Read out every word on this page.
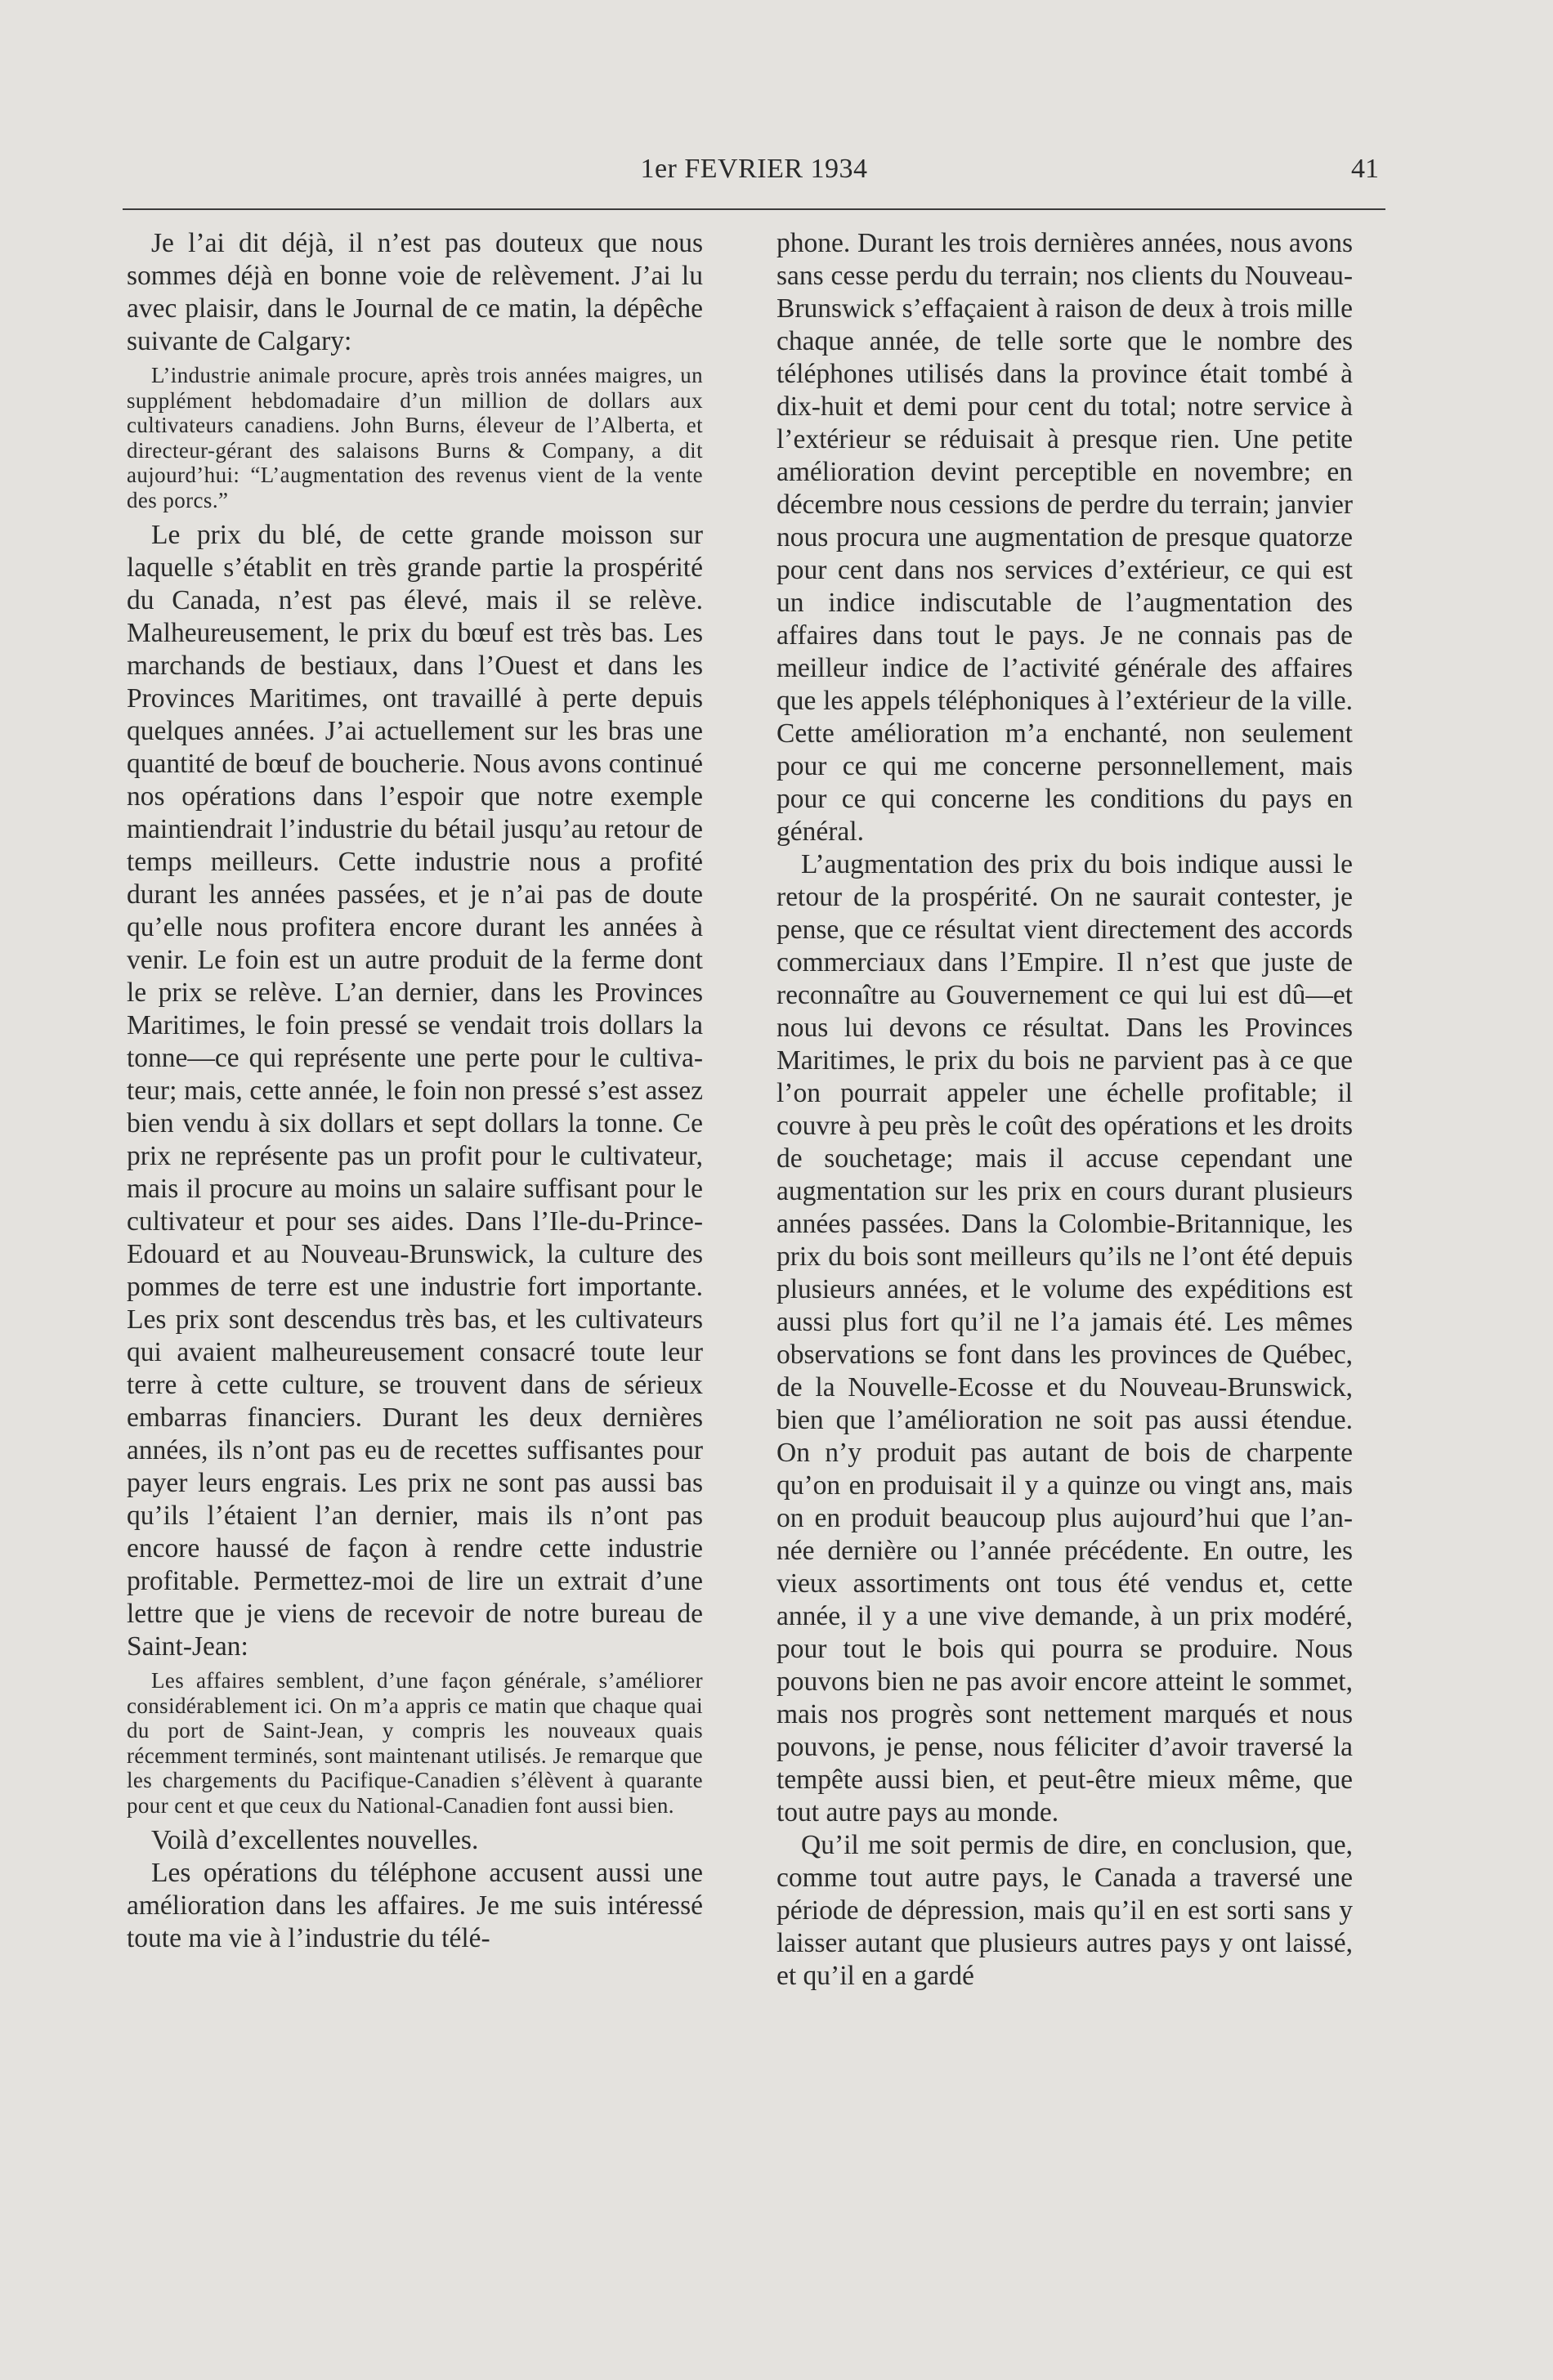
1er FEVRIER 1934	41

Je l’ai dit déjà, il n’est pas douteux que nous sommes déjà en bonne voie de relèvement. J’ai lu avec plaisir, dans le Journal de ce matin, la dépêche suivante de Calgary:

L’industrie animale procure, après trois années maigres, un supplément hebdomadaire d’un million de dollars aux cultivateurs canadiens. John Burns, éleveur de l’Alberta, et directeur-gérant des salaisons Burns & Company, a dit aujourd’hui: “L’augmentation des revenus vient de la vente des porcs.”

Le prix du blé, de cette grande moisson sur laquelle s’établit en très grande partie la prospérité du Canada, n’est pas élevé, mais il se relève. Malheureusement, le prix du bœuf est très bas. Les marchands de bestiaux, dans l’Ouest et dans les Provinces Maritimes, ont travaillé à perte depuis quelques années. J’ai actuellement sur les bras une quantité de bœuf de boucherie. Nous avons continué nos opérations dans l’espoir que notre exemple maintiendrait l’industrie du bétail jusqu’au retour de temps meilleurs. Cette industrie nous a profité durant les années passées, et je n’ai pas de doute qu’elle nous profitera encore durant les années à venir. Le foin est un autre produit de la ferme dont le prix se relève. L’an dernier, dans les Provinces Maritimes, le foin pressé se vendait trois dollars la tonne—ce qui représente une perte pour le cultivateur; mais, cette année, le foin non pressé s’est assez bien vendu à six dollars et sept dollars la tonne. Ce prix ne représente pas un profit pour le cultivateur, mais il procure au moins un salaire suffisant pour le cultivateur et pour ses aides. Dans l’Ile-du-Prince-Edouard et au Nouveau-Brunswick, la culture des pommes de terre est une industrie fort importante. Les prix sont descendus très bas, et les cultivateurs qui avaient malheureusement consacré toute leur terre à cette culture, se trouvent dans de sérieux embarras financiers. Durant les deux dernières années, ils n’ont pas eu de recettes suffisantes pour payer leurs engrais. Les prix ne sont pas aussi bas qu’ils l’étaient l’an dernier, mais ils n’ont pas encore haussé de façon à rendre cette industrie profitable. Permettez-moi de lire un extrait d’une lettre que je viens de recevoir de notre bureau de Saint-Jean:

Les affaires semblent, d’une façon générale, s’améliorer considérablement ici. On m’a appris ce matin que chaque quai du port de Saint-Jean, y compris les nouveaux quais récemment terminés, sont maintenant utilisés. Je remarque que les chargements du Pacifique-Canadien s’élèvent à quarante pour cent et que ceux du National-Canadien font aussi bien.

Voilà d’excellentes nouvelles.

Les opérations du téléphone accusent aussi une amélioration dans les affaires. Je me suis intéressé toute ma vie à l’industrie du télé-

phone. Durant les trois dernières années, nous avons sans cesse perdu du terrain; nos clients du Nouveau-Brunswick s’effaçaient à raison de deux à trois mille chaque année, de telle sorte que le nombre des téléphones utilisés dans la province était tombé à dix-huit et demi pour cent du total; notre service à l’extérieur se réduisait à presque rien. Une petite amélioration devint perceptible en novembre; en décembre nous cessions de perdre du terrain; janvier nous procura une augmentation de presque quatorze pour cent dans nos services d’extérieur, ce qui est un indice indiscutable de l’augmentation des affaires dans tout le pays. Je ne connais pas de meilleur indice de l’activité générale des affaires que les appels téléphoniques à l’extérieur de la ville. Cette amélioration m’a enchanté, non seulement pour ce qui me concerne personnellement, mais pour ce qui concerne les conditions du pays en général.

L’augmentation des prix du bois indique aussi le retour de la prospérité. On ne saurait contester, je pense, que ce résultat vient directement des accords commerciaux dans l’Empire. Il n’est que juste de reconnaître au Gouvernement ce qui lui est dû—et nous lui devons ce résultat. Dans les Provinces Maritimes, le prix du bois ne parvient pas à ce que l’on pourrait appeler une échelle profitable; il couvre à peu près le coût des opérations et les droits de souchetage; mais il accuse cependant une augmentation sur les prix en cours durant plusieurs années passées. Dans la Colombie-Britannique, les prix du bois sont meilleurs qu’ils ne l’ont été depuis plusieurs années, et le volume des expéditions est aussi plus fort qu’il ne l’a jamais été. Les mêmes observations se font dans les provinces de Québec, de la Nouvelle-Ecosse et du Nouveau-Brunswick, bien que l’amélioration ne soit pas aussi étendue. On n’y produit pas autant de bois de charpente qu’on en produisait il y a quinze ou vingt ans, mais on en produit beaucoup plus aujourd’hui que l’année dernière ou l’année précédente. En outre, les vieux assortiments ont tous été vendus et, cette année, il y a une vive demande, à un prix modéré, pour tout le bois qui pourra se produire. Nous pouvons bien ne pas avoir encore atteint le sommet, mais nos progrès sont nettement marqués et nous pouvons, je pense, nous féliciter d’avoir traversé la tempête aussi bien, et peut-être mieux même, que tout autre pays au monde.

Qu’il me soit permis de dire, en conclusion, que, comme tout autre pays, le Canada a traversé une période de dépression, mais qu’il en est sorti sans y laisser autant que plusieurs autres pays y ont laissé, et qu’il en a gardé
